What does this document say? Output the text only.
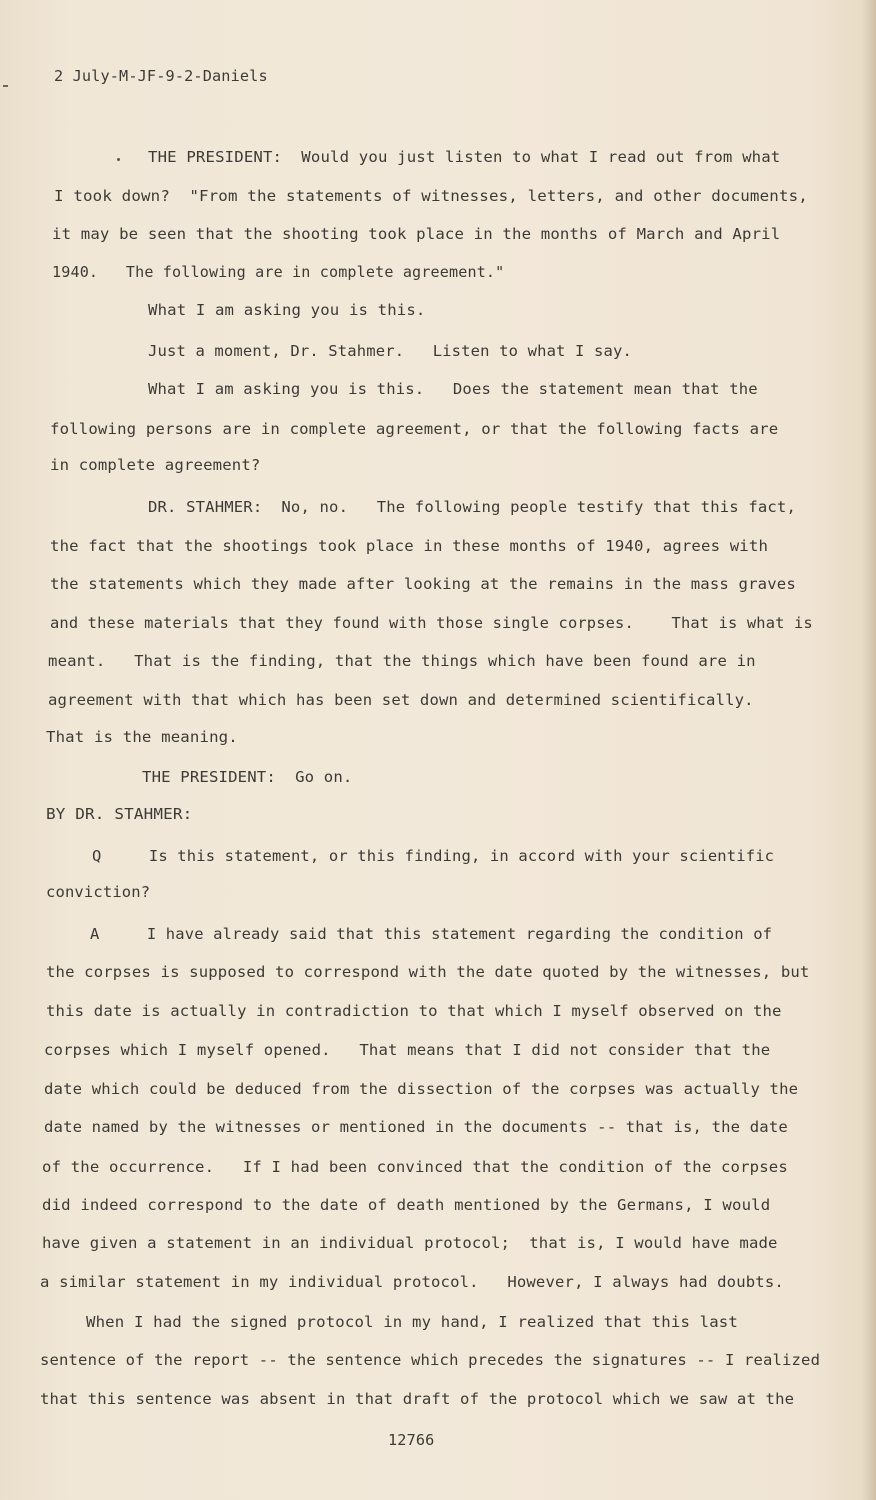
2 July-M-JF-9-2-Daniels
THE PRESIDENT:  Would you just listen to what I read out from what
I took down?  "From the statements of witnesses, letters, and other documents,
it may be seen that the shooting took place in the months of March and April
1940.   The following are in complete agreement."
What I am asking you is this.
Just a moment, Dr. Stahmer.   Listen to what I say.
What I am asking you is this.   Does the statement mean that the
following persons are in complete agreement, or that the following facts are
in complete agreement?
DR. STAHMER:  No, no.   The following people testify that this fact,
the fact that the shootings took place in these months of 1940, agrees with
the statements which they made after looking at the remains in the mass graves
and these materials that they found with those single corpses.    That is what is
meant.   That is the finding, that the things which have been found are in
agreement with that which has been set down and determined scientifically.
That is the meaning.
THE PRESIDENT:  Go on.
BY DR. STAHMER:
Q     Is this statement, or this finding, in accord with your scientific
conviction?
A     I have already said that this statement regarding the condition of
the corpses is supposed to correspond with the date quoted by the witnesses, but
this date is actually in contradiction to that which I myself observed on the
corpses which I myself opened.   That means that I did not consider that the
date which could be deduced from the dissection of the corpses was actually the
date named by the witnesses or mentioned in the documents -- that is, the date
of the occurrence.   If I had been convinced that the condition of the corpses
did indeed correspond to the date of death mentioned by the Germans, I would
have given a statement in an individual protocol;  that is, I would have made
a similar statement in my individual protocol.   However, I always had doubts.
When I had the signed protocol in my hand, I realized that this last
sentence of the report -- the sentence which precedes the signatures -- I realized
that this sentence was absent in that draft of the protocol which we saw at the
12766
